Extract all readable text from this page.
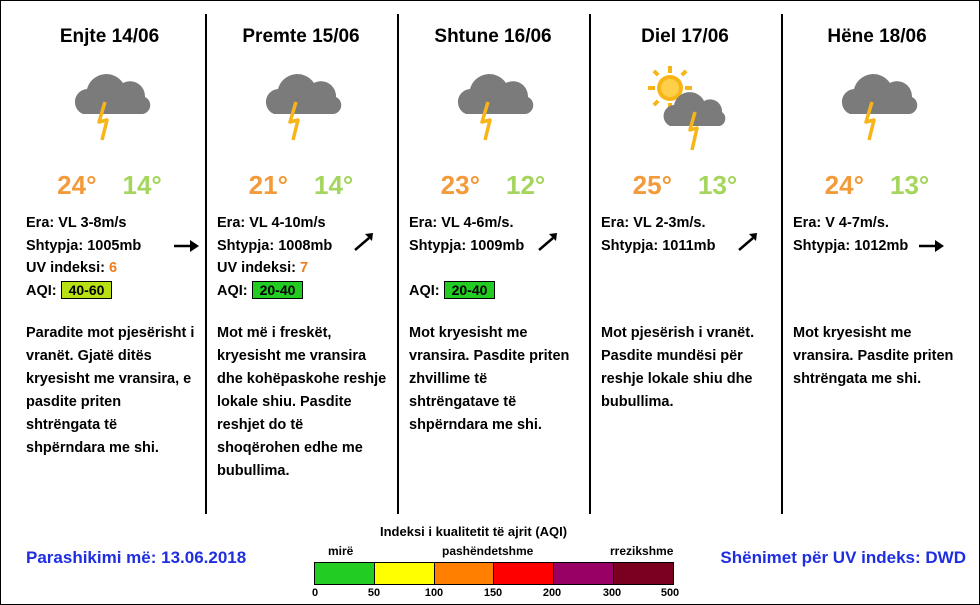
Enjte 14/06
24° 14°
Era: VL 3-8m/s
Shtypja: 1005mb
UV indeksi: 6
AQI: 40-60
Paradite mot pjesërisht i vranët. Gjatë ditës kryesisht me vransira, e pasdite priten shtrëngata të shpërndara me shi.
Premte 15/06
21° 14°
Era: VL 4-10m/s
Shtypja: 1008mb
UV indeksi: 7
AQI: 20-40
Mot më i freskët, kryesisht me vransira dhe kohëpaskohe reshje lokale shiu. Pasdite reshjet do të shoqërohen edhe me bubullima.
Shtune 16/06
23° 12°
Era: VL 4-6m/s.
Shtypja: 1009mb
AQI: 20-40
Mot kryesisht me vransira. Pasdite priten zhvillime të shtrëngatave të shpërndara me shi.
Diel 17/06
25° 13°
Era: VL 2-3m/s.
Shtypja: 1011mb
Mot pjesërish i vranët. Pasdite mundësi për reshje lokale shiu dhe bubullima.
Hëne 18/06
24° 13°
Era: V 4-7m/s.
Shtypja: 1012mb
Mot kryesisht me vransira. Pasdite priten shtrëngata me shi.
Parashikimi më: 13.06.2018	Shënimet për UV indeks: DWD
Indeksi i kualitetit të ajrit (AQI)
mirë	pashëndetshme	rrezikshme
0	50	100	150	200	300	500
